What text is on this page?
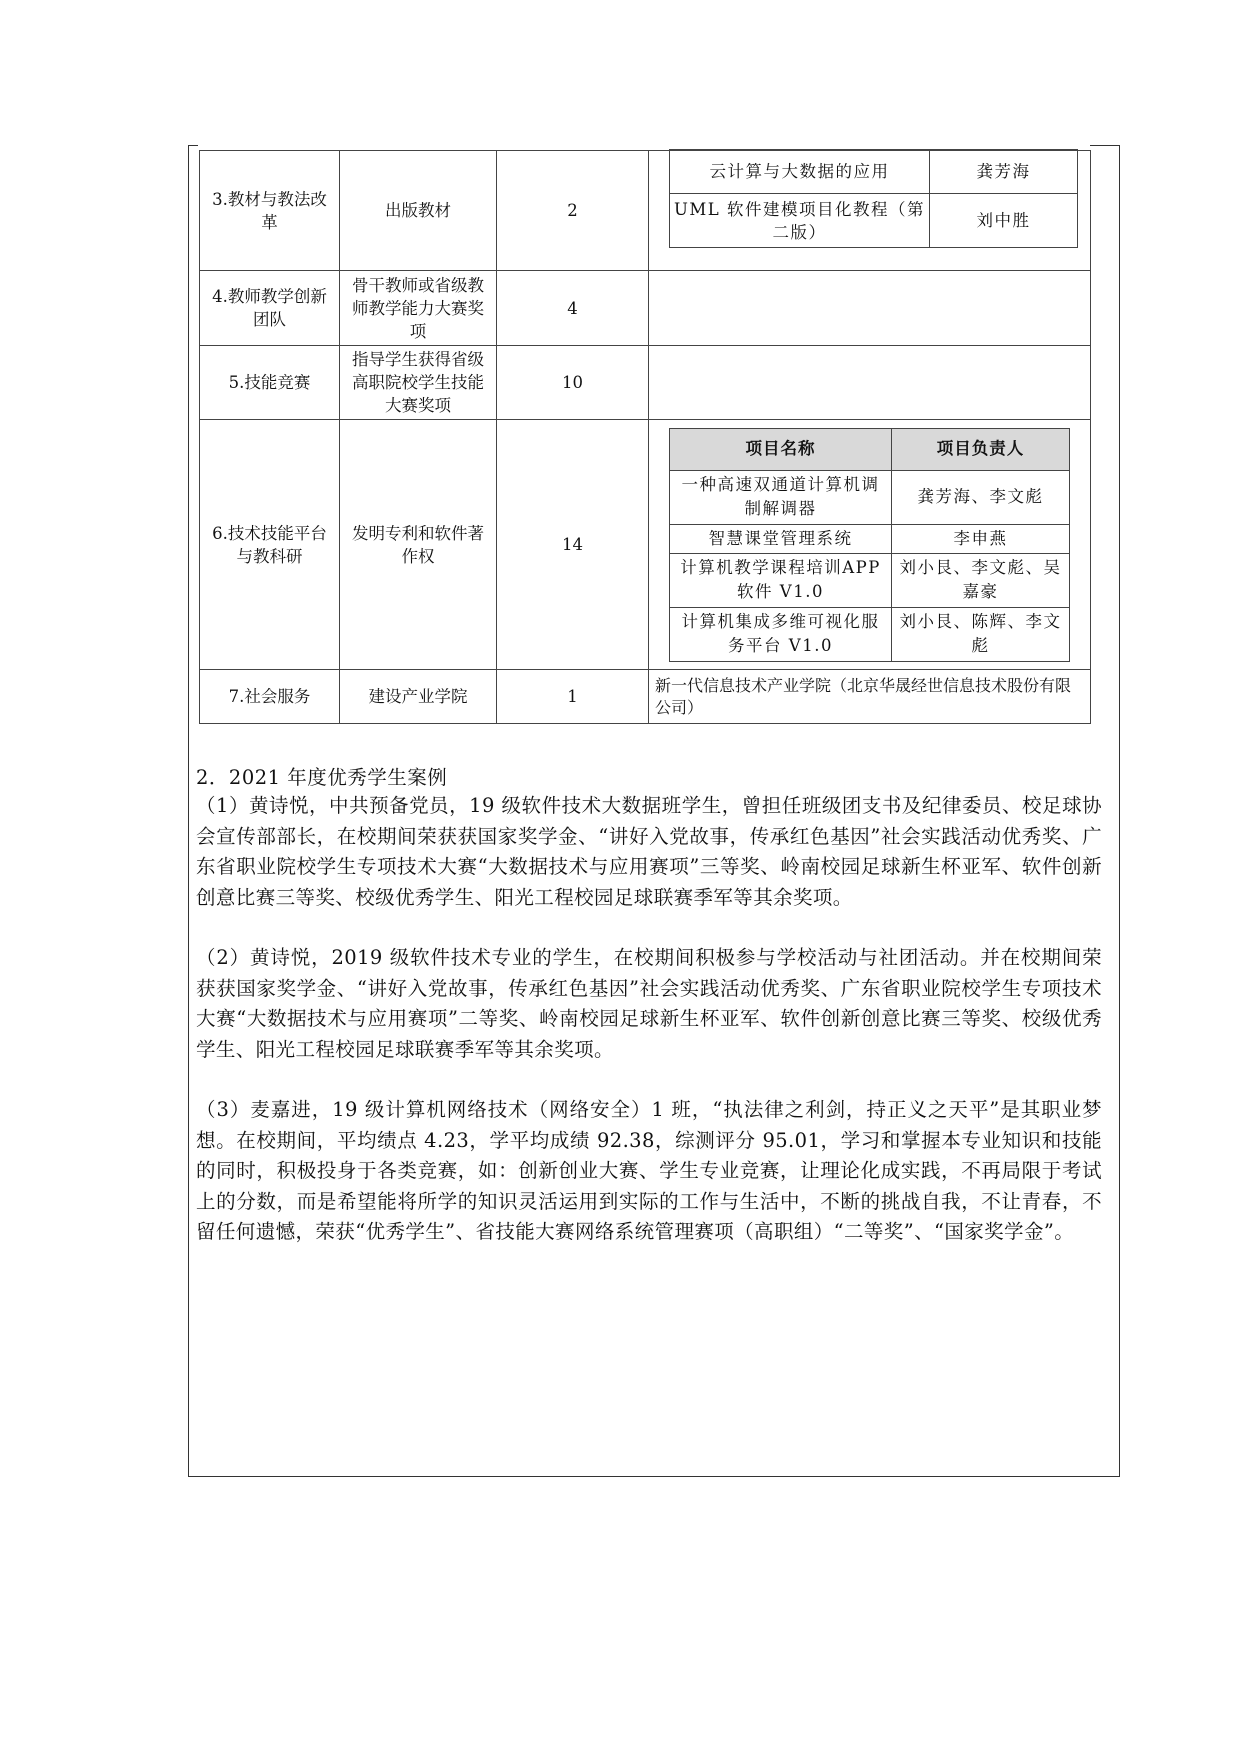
3.教材与教法改革	出版教材	2	
云计算与大数据的应用	龚芳海
UML 软件建模项目化教程（第二版）	刘中胜

4.教师教学创新团队	骨干教师或省级教师教学能力大赛奖项	4	
5.技能竞赛	指导学生获得省级高职院校学生技能大赛奖项	10	
6.技术技能平台与教科研	发明专利和软件著作权	14	
项目名称	项目负责人
一种高速双通道计算机调制解调器	龚芳海、李文彪
智慧课堂管理系统	李申燕
计算机教学课程培训APP 软件 V1.0	刘小艮、李文彪、吴嘉豪
计算机集成多维可视化服务平台 V1.0	刘小艮、陈辉、李文彪

7.社会服务	建设产业学院	1	新一代信息技术产业学院（北京华晟经世信息技术股份有限公司）
2．2021 年度优秀学生案例

（1）黄诗悦，中共预备党员，19 级软件技术大数据班学生，曾担任班级团支书及纪律委员、校足球协会宣传部部长，在校期间荣获获国家奖学金、“讲好入党故事，传承红色基因”社会实践活动优秀奖、广东省职业院校学生专项技术大赛“大数据技术与应用赛项”三等奖、岭南校园足球新生杯亚军、软件创新创意比赛三等奖、校级优秀学生、阳光工程校园足球联赛季军等其余奖项。

（2）黄诗悦，2019 级软件技术专业的学生，在校期间积极参与学校活动与社团活动。并在校期间荣获获国家奖学金、“讲好入党故事，传承红色基因”社会实践活动优秀奖、广东省职业院校学生专项技术大赛“大数据技术与应用赛项”二等奖、岭南校园足球新生杯亚军、软件创新创意比赛三等奖、校级优秀学生、阳光工程校园足球联赛季军等其余奖项。

（3）麦嘉进，19 级计算机网络技术（网络安全）1 班，“执法律之利剑，持正义之天平”是其职业梦想。在校期间，平均绩点 4.23，学平均成绩 92.38，综测评分 95.01，学习和掌握本专业知识和技能的同时，积极投身于各类竞赛，如：创新创业大赛、学生专业竞赛，让理论化成实践，不再局限于考试上的分数，而是希望能将所学的知识灵活运用到实际的工作与生活中，不断的挑战自我，不让青春，不留任何遗憾，荣获“优秀学生”、省技能大赛网络系统管理赛项（高职组）“二等奖”、“国家奖学金”。
